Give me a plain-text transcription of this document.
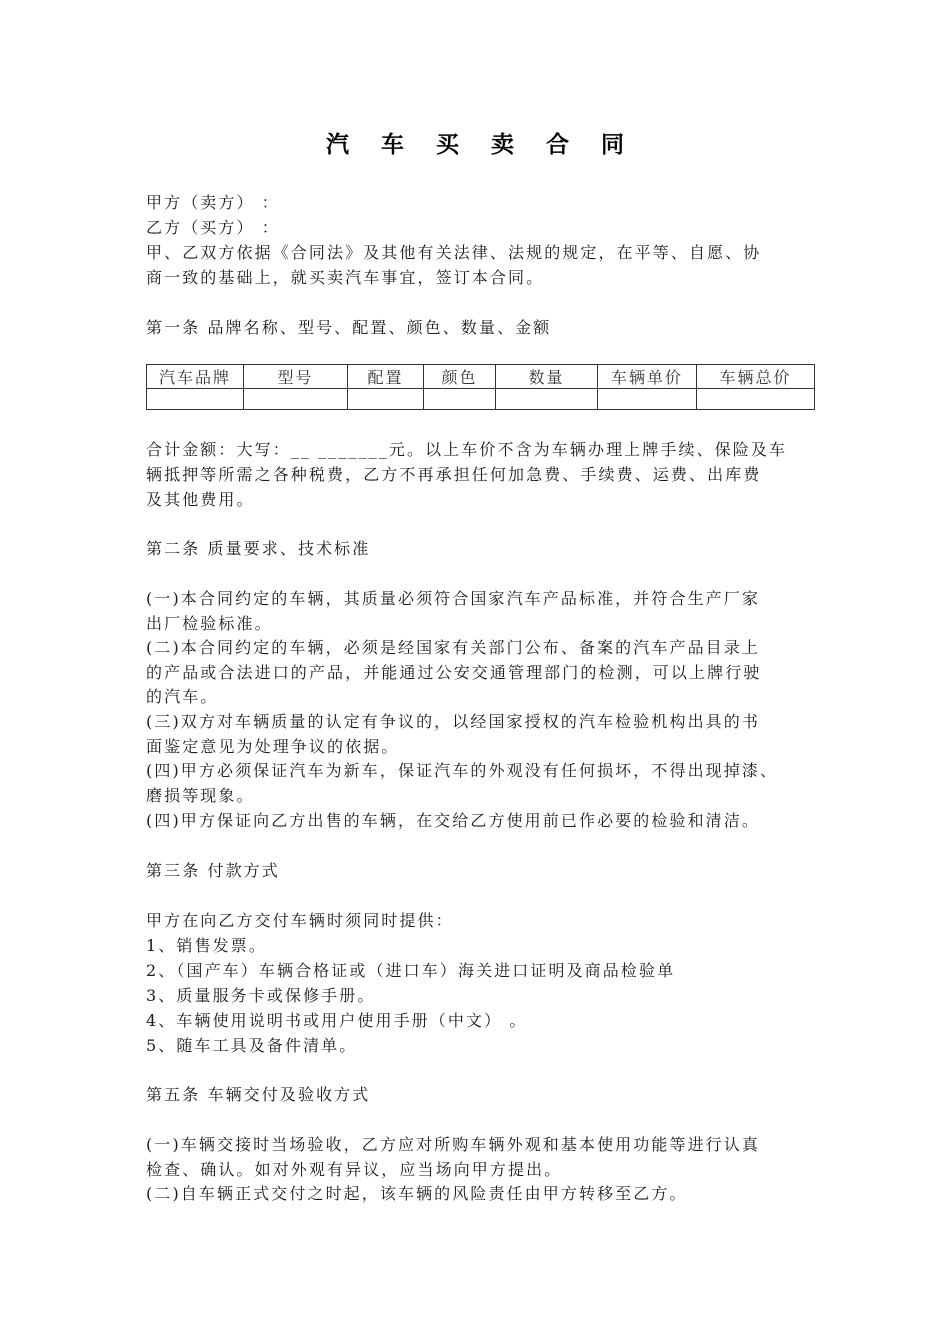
汽 车 买 卖 合 同
甲方（卖方） ：
乙方（买方） ：
甲、乙双方依据《合同法》及其他有关法律、法规的规定，在平等、自愿、协
商一致的基础上，就买卖汽车事宜，签订本合同。
第一条 品牌名称、型号、配置、颜色、数量、金额
汽车品牌	型号	配置	颜色	数量	车辆单价	车辆总价

合计金额：大写：__ _______元。以上车价不含为车辆办理上牌手续、保险及车
辆抵押等所需之各种税费，乙方不再承担任何加急费、手续费、运费、出库费
及其他费用。
第二条 质量要求、技术标准
(一)本合同约定的车辆，其质量必须符合国家汽车产品标准，并符合生产厂家
出厂检验标准。
(二)本合同约定的车辆，必须是经国家有关部门公布、备案的汽车产品目录上
的产品或合法进口的产品，并能通过公安交通管理部门的检测，可以上牌行驶
的汽车。
(三)双方对车辆质量的认定有争议的，以经国家授权的汽车检验机构出具的书
面鉴定意见为处理争议的依据。
(四)甲方必须保证汽车为新车，保证汽车的外观没有任何损坏，不得出现掉漆、
磨损等现象。
(四)甲方保证向乙方出售的车辆，在交给乙方使用前已作必要的检验和清洁。
第三条 付款方式
甲方在向乙方交付车辆时须同时提供：
1、销售发票。
2、（国产车）车辆合格证或（进口车）海关进口证明及商品检验单
3、质量服务卡或保修手册。
4、车辆使用说明书或用户使用手册（中文） 。
5、随车工具及备件清单。
第五条 车辆交付及验收方式
(一)车辆交接时当场验收，乙方应对所购车辆外观和基本使用功能等进行认真
检查、确认。如对外观有异议，应当场向甲方提出。
(二)自车辆正式交付之时起，该车辆的风险责任由甲方转移至乙方。
